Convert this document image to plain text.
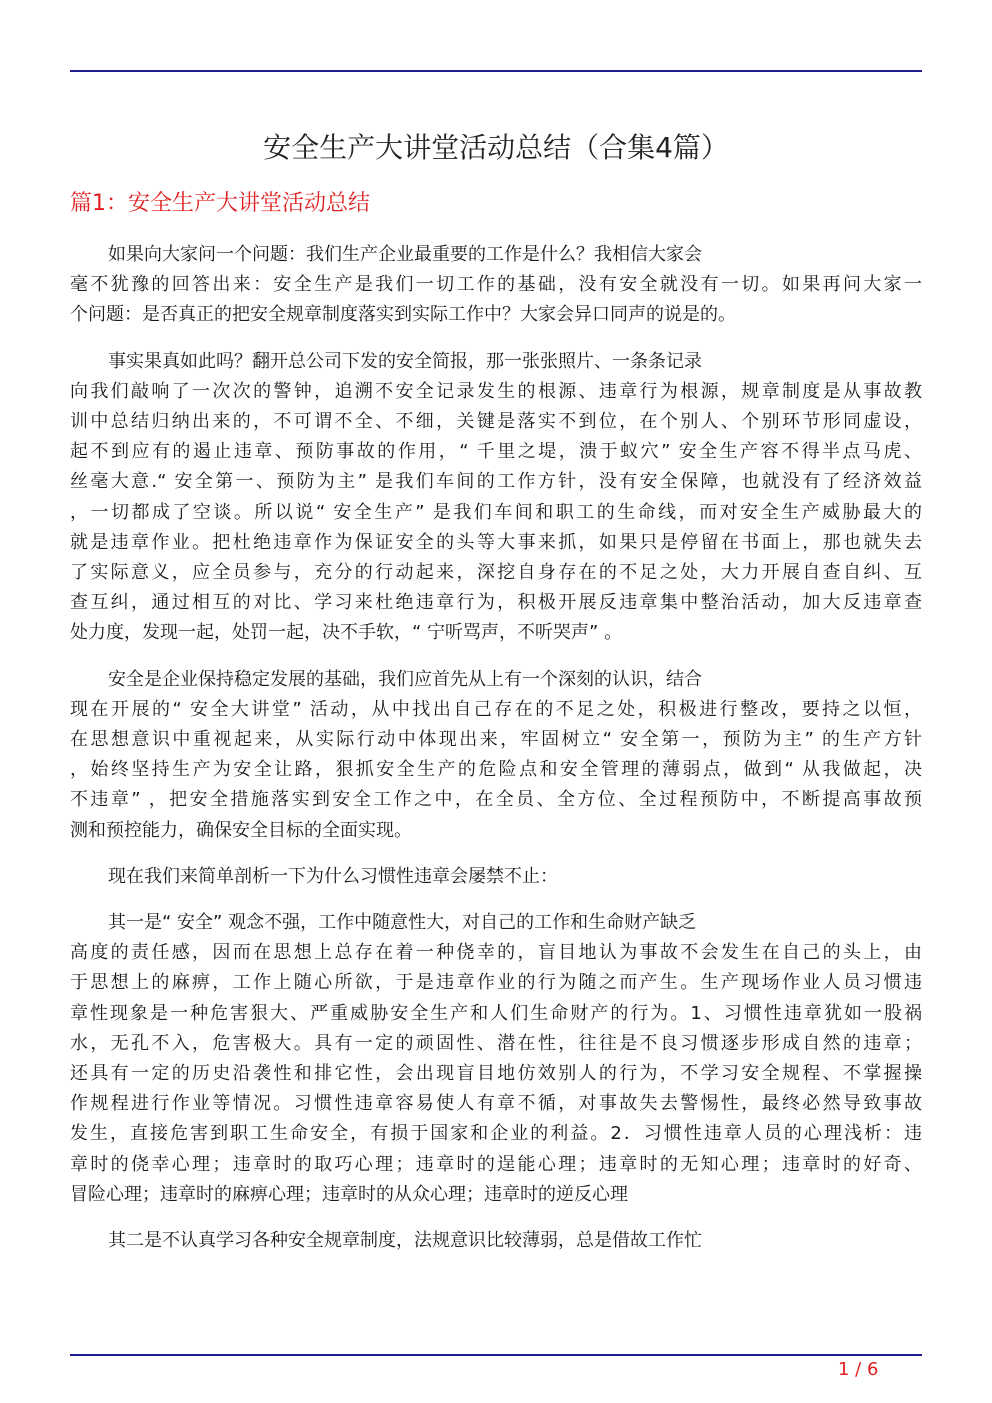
安全生产大讲堂活动总结（合集4篇）
篇1：安全生产大讲堂活动总结

如果向大家问一个问题：我们生产企业最重要的工作是什么？我相信大家会
毫不犹豫的回答出来：安全生产是我们一切工作的基础，没有安全就没有一切。如果再问大家一
个问题：是否真正的把安全规章制度落实到实际工作中？大家会异口同声的说是的。

事实果真如此吗？翻开总公司下发的安全简报，那一张张照片、一条条记录
向我们敲响了一次次的警钟，追溯不安全记录发生的根源、违章行为根源，规章制度是从事故教
训中总结归纳出来的，不可谓不全、不细，关键是落实不到位，在个别人、个别环节形同虚设，
起不到应有的遏止违章、预防事故的作用，“ 千里之堤，溃于蚁穴” 安全生产容不得半点马虎、
丝毫大意.“ 安全第一、预防为主” 是我们车间的工作方针，没有安全保障，也就没有了经济效益
，一切都成了空谈。所以说“ 安全生产” 是我们车间和职工的生命线，而对安全生产威胁最大的
就是违章作业。把杜绝违章作为保证安全的头等大事来抓，如果只是停留在书面上，那也就失去
了实际意义，应全员参与，充分的行动起来，深挖自身存在的不足之处，大力开展自查自纠、互
查互纠，通过相互的对比、学习来杜绝违章行为，积极开展反违章集中整治活动，加大反违章查
处力度，发现一起，处罚一起，决不手软，“ 宁听骂声，不听哭声” 。

安全是企业保持稳定发展的基础，我们应首先从上有一个深刻的认识，结合
现在开展的“ 安全大讲堂” 活动，从中找出自己存在的不足之处，积极进行整改，要持之以恒，
在思想意识中重视起来，从实际行动中体现出来，牢固树立“ 安全第一，预防为主” 的生产方针
，始终坚持生产为安全让路，狠抓安全生产的危险点和安全管理的薄弱点，做到“ 从我做起，决
不违章” ，把安全措施落实到安全工作之中，在全员、全方位、全过程预防中，不断提高事故预
测和预控能力，确保安全目标的全面实现。

现在我们来简单剖析一下为什么习惯性违章会屡禁不止：

其一是“ 安全” 观念不强，工作中随意性大，对自己的工作和生命财产缺乏
高度的责任感，因而在思想上总存在着一种侥幸的，盲目地认为事故不会发生在自己的头上，由
于思想上的麻痹，工作上随心所欲，于是违章作业的行为随之而产生。生产现场作业人员习惯违
章性现象是一种危害狠大、严重威胁安全生产和人们生命财产的行为。1、习惯性违章犹如一股祸
水，无孔不入，危害极大。具有一定的顽固性、潜在性，往往是不良习惯逐步形成自然的违章；
还具有一定的历史沿袭性和排它性，会出现盲目地仿效别人的行为，不学习安全规程、不掌握操
作规程进行作业等情况。习惯性违章容易使人有章不循，对事故失去警惕性，最终必然导致事故
发生，直接危害到职工生命安全，有损于国家和企业的利益。2．习惯性违章人员的心理浅析：违
章时的侥幸心理；违章时的取巧心理；违章时的逞能心理；违章时的无知心理；违章时的好奇、
冒险心理；违章时的麻痹心理；违章时的从众心理；违章时的逆反心理

其二是不认真学习各种安全规章制度，法规意识比较薄弱，总是借故工作忙

1 / 6
